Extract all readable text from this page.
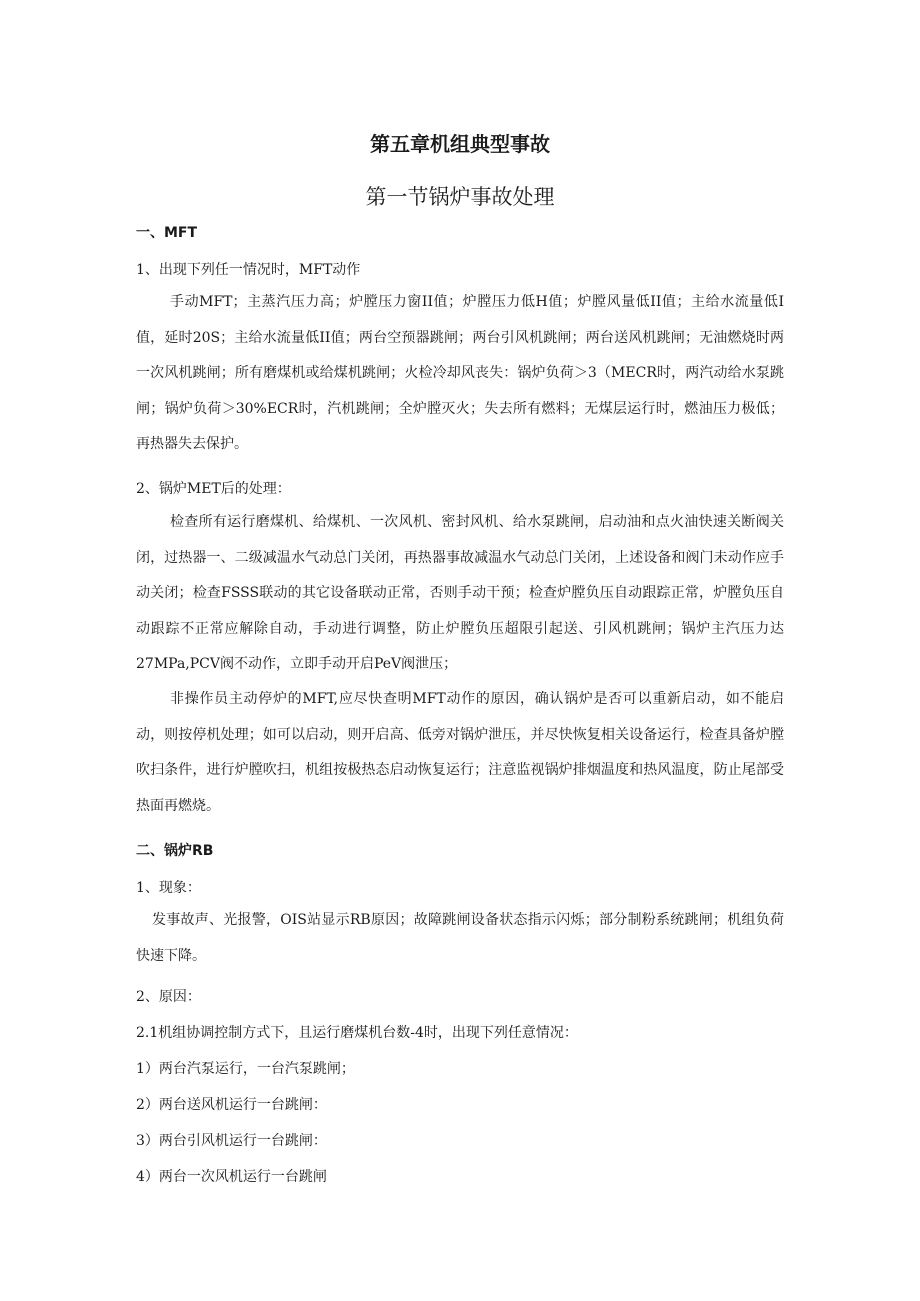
第五章机组典型事故
第一节锅炉事故处理
一、MFT
1、出现下列任一情况时，MFT动作

手动MFT；主蒸汽压力高；炉膛压力窗II值；炉膛压力低H值；炉膛风量低II值；主给水流量低I值，延时20S；主给水流量低II值；两台空预器跳闸；两台引风机跳闸；两台送风机跳闸；无油燃烧时两一次风机跳闸；所有磨煤机或给煤机跳闸；火检冷却风丧失：锅炉负荷＞3（MECR时，两汽动给水泵跳闸；锅炉负荷＞30%ECR时，汽机跳闸；全炉膛灭火；失去所有燃料；无煤层运行时，燃油压力极低；再热器失去保护。

2、锅炉MET后的处理：

检查所有运行磨煤机、给煤机、一次风机、密封风机、给水泵跳闸，启动油和点火油快速关断阀关闭，过热器一、二级减温水气动总门关闭，再热器事故减温水气动总门关闭，上述设备和阀门未动作应手动关闭；检查FSSS联动的其它设备联动正常，否则手动干预；检查炉膛负压自动跟踪正常，炉膛负压自动跟踪不正常应解除自动，手动进行调整，防止炉膛负压超限引起送、引风机跳闸；锅炉主汽压力达27MPa,PCV阀不动作，立即手动开启PeV阀泄压；

非操作员主动停炉的MFT,应尽快查明MFT动作的原因，确认锅炉是否可以重新启动，如不能启动，则按停机处理；如可以启动，则开启高、低旁对锅炉泄压，并尽快恢复相关设备运行，检查具备炉膛吹扫条件，进行炉膛吹扫，机组按极热态启动恢复运行；注意监视锅炉排烟温度和热风温度，防止尾部受热面再燃烧。

二、锅炉RB
1、现象：

发事故声、光报警，OIS站显示RB原因；故障跳闸设备状态指示闪烁；部分制粉系统跳闸；机组负荷快速下降。

2、原因：
2.1机组协调控制方式下，且运行磨煤机台数-4时，出现下列任意情况：
1）两台汽泵运行，一台汽泵跳闸；
2）两台送风机运行一台跳闸：
3）两台引风机运行一台跳闸：
4）两台一次风机运行一台跳闸
